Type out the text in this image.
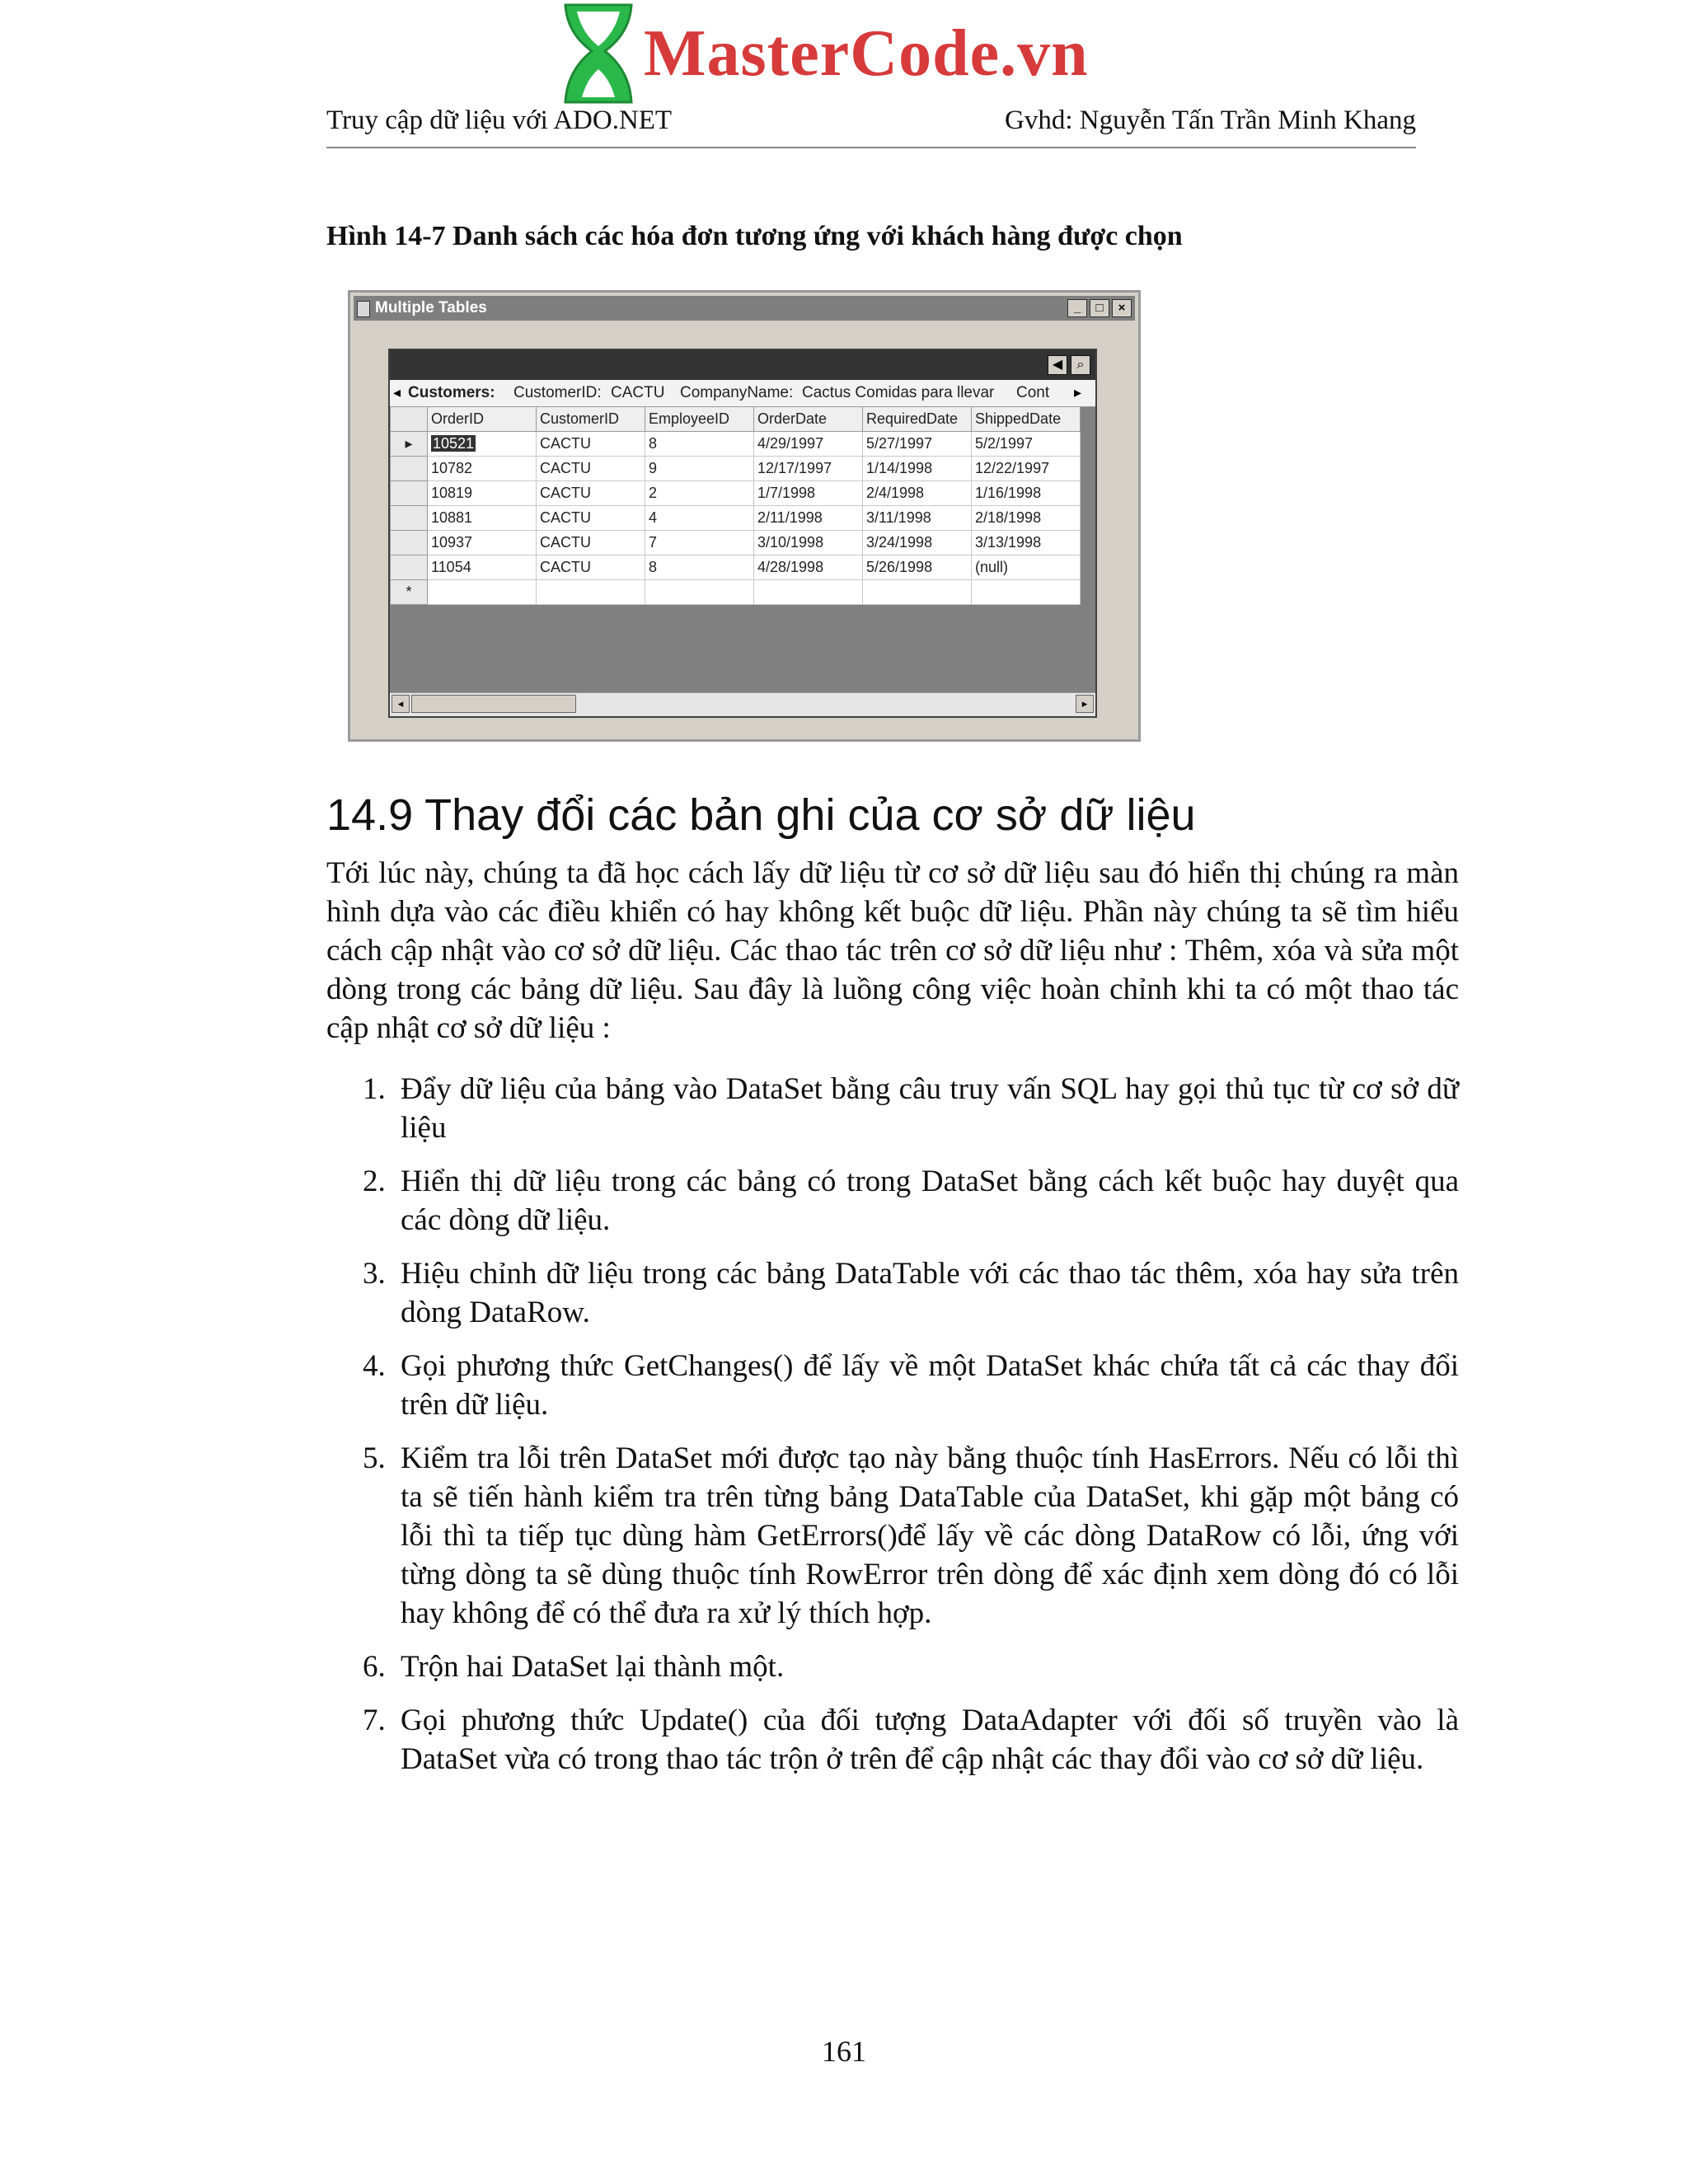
MasterCode.vn
Truy cập dữ liệu với ADO.NET	Gvhd: Nguyễn Tấn Trần Minh Khang
Hình 14-7 Danh sách các hóa đơn tương ứng với khách hàng được chọn
Multiple Tables	_	□	×
◀	⌕
◂ Customers: CustomerID: CACTU CompanyName: Cactus Comidas para llevar Cont ▸
	OrderID	CustomerID	EmployeeID	OrderDate	RequiredDate	ShippedDate
▸	10521	CACTU	8	4/29/1997	5/27/1997	5/2/1997
	10782	CACTU	9	12/17/1997	1/14/1998	12/22/1997
	10819	CACTU	2	1/7/1998	2/4/1998	1/16/1998
	10881	CACTU	4	2/11/1998	3/11/1998	2/18/1998
	10937	CACTU	7	3/10/1998	3/24/1998	3/13/1998
	11054	CACTU	8	4/28/1998	5/26/1998	(null)
*						
◂	▸
14.9 Thay đổi các bản ghi của cơ sở dữ liệu
Tới lúc này, chúng ta đã học cách lấy dữ liệu từ cơ sở dữ liệu sau đó hiển thị chúng ra màn hình dựa vào các điều khiển có hay không kết buộc dữ liệu. Phần này chúng ta sẽ tìm hiểu cách cập nhật vào cơ sở dữ liệu. Các thao tác trên cơ sở dữ liệu như : Thêm, xóa và sửa một dòng trong các bảng dữ liệu. Sau đây là luồng công việc hoàn chỉnh khi ta có một thao tác cập nhật cơ sở dữ liệu :
1. Đẩy dữ liệu của bảng vào DataSet bằng câu truy vấn SQL hay gọi thủ tục từ cơ sở dữ liệu
2. Hiển thị dữ liệu trong các bảng có trong DataSet bằng cách kết buộc hay duyệt qua các dòng dữ liệu.
3. Hiệu chỉnh dữ liệu trong các bảng DataTable với các thao tác thêm, xóa hay sửa trên dòng DataRow.
4. Gọi phương thức GetChanges() để lấy về một DataSet khác chứa tất cả các thay đổi trên dữ liệu.
5. Kiểm tra lỗi trên DataSet mới được tạo này bằng thuộc tính HasErrors. Nếu có lỗi thì ta sẽ tiến hành kiểm tra trên từng bảng DataTable của DataSet, khi gặp một bảng có lỗi thì ta tiếp tục dùng hàm GetErrors()để lấy về các dòng DataRow có lỗi, ứng với từng dòng ta sẽ dùng thuộc tính RowError trên dòng để xác định xem dòng đó có lỗi hay không để có thể đưa ra xử lý thích hợp.
6. Trộn hai DataSet lại thành một.
7. Gọi phương thức Update() của đối tượng DataAdapter với đối số truyền vào là DataSet vừa có trong thao tác trộn ở trên để cập nhật các thay đổi vào cơ sở dữ liệu.
161
